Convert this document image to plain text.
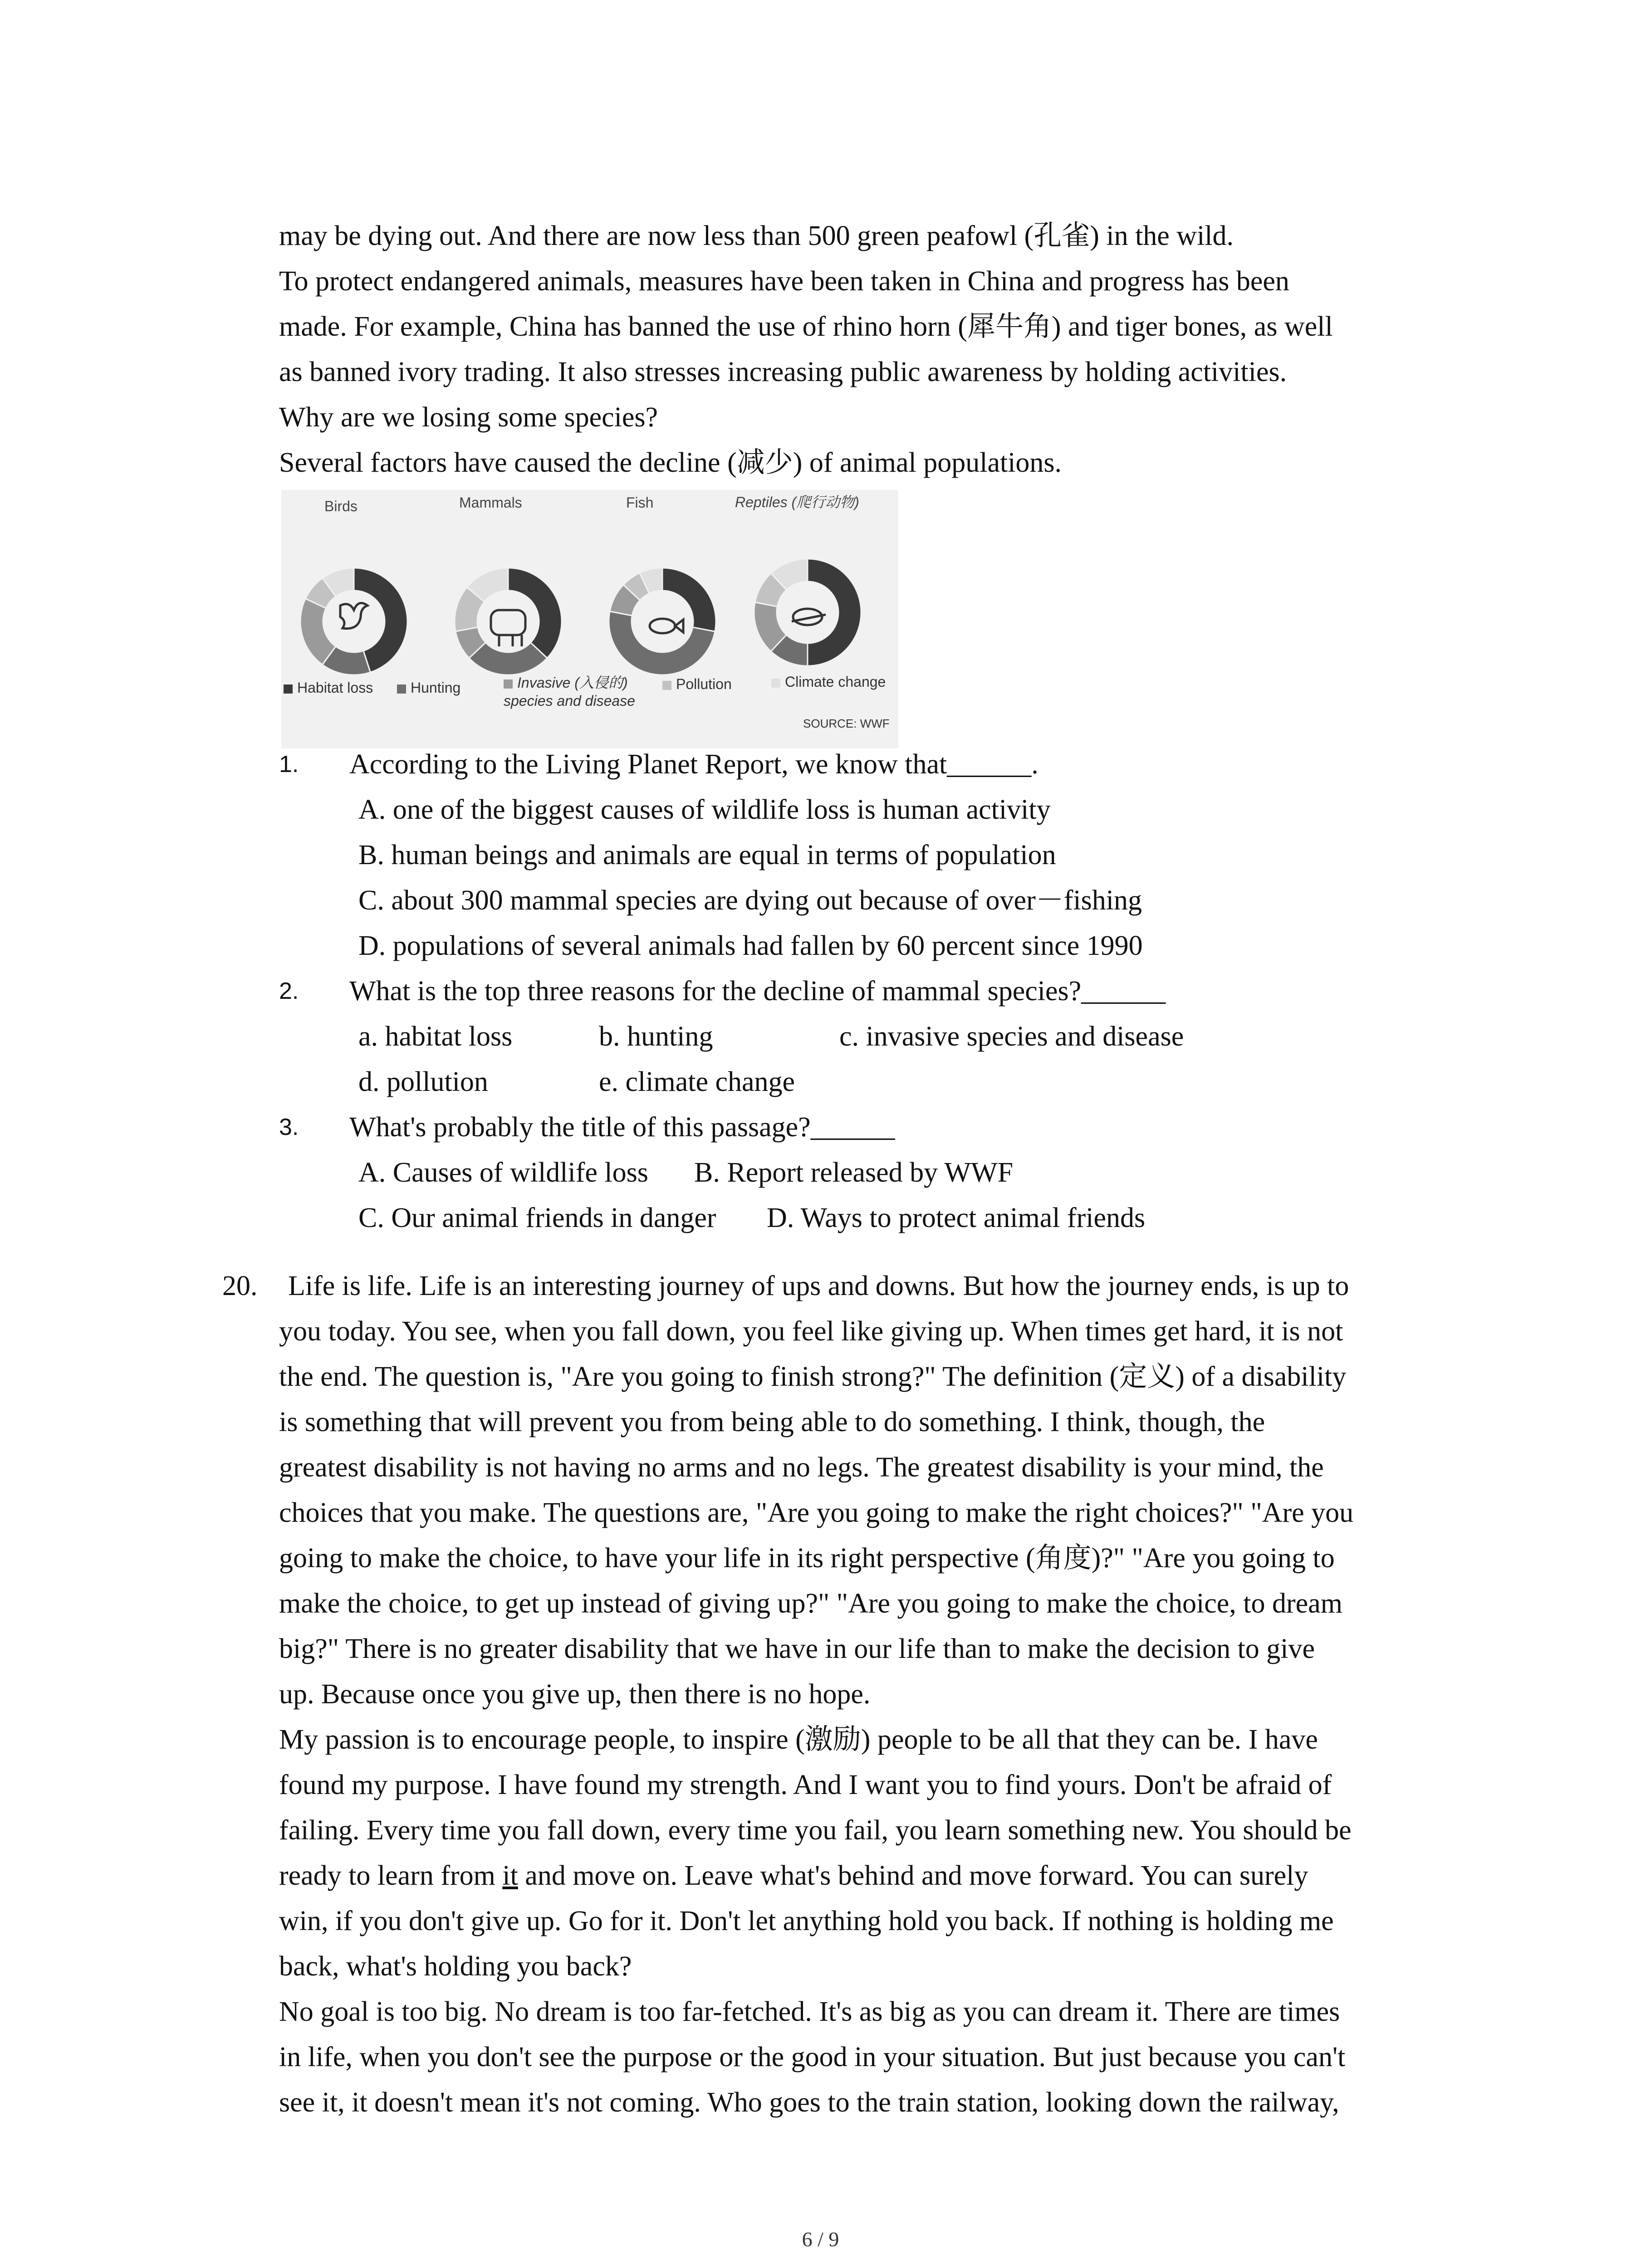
may be dying out. And there are now less than 500 green peafowl (孔雀) in the wild.
To protect endangered animals, measures have been taken in China and progress has been
made. For example, China has banned the use of rhino horn (犀牛角) and tiger bones, as well
as banned ivory trading. It also stresses increasing public awareness by holding activities.
Why are we losing some species?
Several factors have caused the decline (减少) of animal populations.
Birds	Mammals	Fish	Reptiles (爬行动物)
Habitat loss	Hunting	Invasive (入侵的) species and disease
Pollution	Climate change
SOURCE: WWF
1. According to the Living Planet Report, we know that______.
A. one of the biggest causes of wildlife loss is human activity
B. human beings and animals are equal in terms of population
C. about 300 mammal species are dying out because of over－fishing
D. populations of several animals had fallen by 60 percent since 1990
2. What is the top three reasons for the decline of mammal species?______
a. habitat loss	b. hunting	c. invasive species and disease
d. pollution	e. climate change
3. What's probably the title of this passage?______
A. Causes of wildlife loss B. Report released by WWF
C. Our animal friends in danger D. Ways to protect animal friends
20. Life is life. Life is an interesting journey of ups and downs. But how the journey ends, is up to
you today. You see, when you fall down, you feel like giving up. When times get hard, it is not
the end. The question is, "Are you going to finish strong?" The definition (定义) of a disability
is something that will prevent you from being able to do something. I think, though, the
greatest disability is not having no arms and no legs. The greatest disability is your mind, the
choices that you make. The questions are, "Are you going to make the right choices?" "Are you
going to make the choice, to have your life in its right perspective (角度)?" "Are you going to
make the choice, to get up instead of giving up?" "Are you going to make the choice, to dream
big?" There is no greater disability that we have in our life than to make the decision to give
up. Because once you give up, then there is no hope.
My passion is to encourage people, to inspire (激励) people to be all that they can be. I have
found my purpose. I have found my strength. And I want you to find yours. Don't be afraid of
failing. Every time you fall down, every time you fail, you learn something new. You should be
ready to learn from it and move on. Leave what's behind and move forward. You can surely
win, if you don't give up. Go for it. Don't let anything hold you back. If nothing is holding me
back, what's holding you back?
No goal is too big. No dream is too far-fetched. It's as big as you can dream it. There are times
in life, when you don't see the purpose or the good in your situation. But just because you can't
see it, it doesn't mean it's not coming. Who goes to the train station, looking down the railway,
6 / 9
